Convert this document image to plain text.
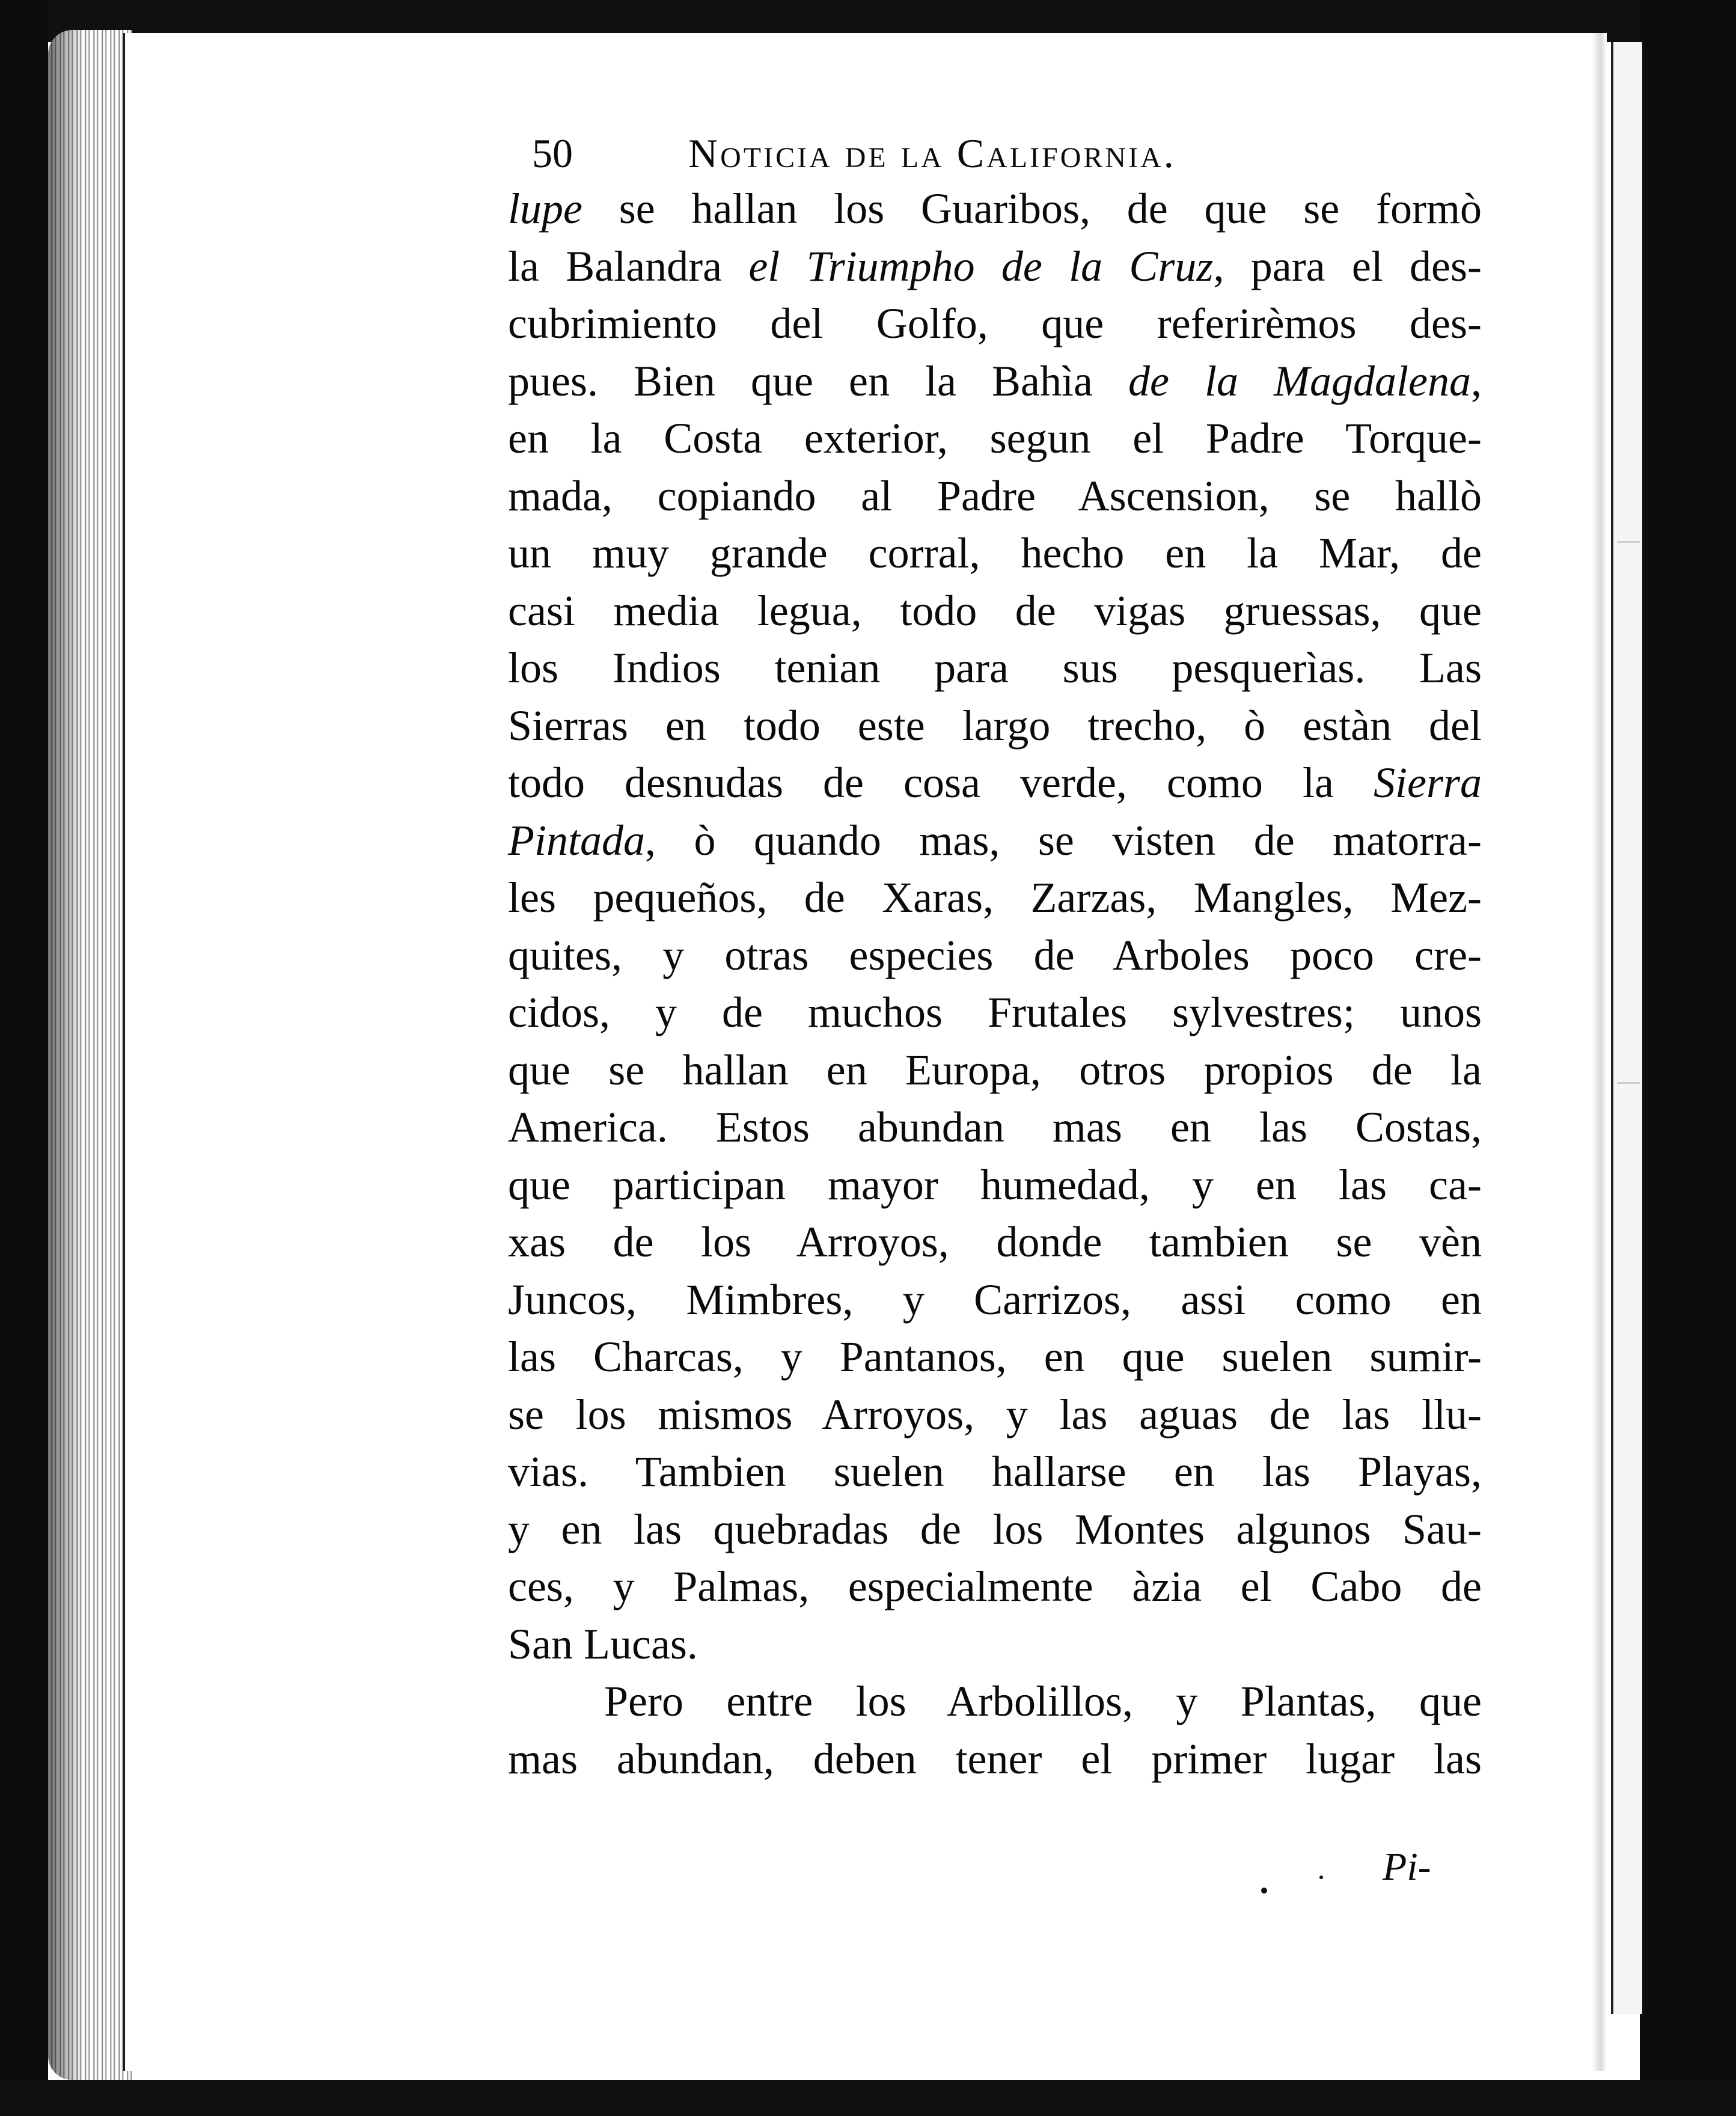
50	Noticia de la California.
lupe se hallan los Guaribos, de que se formò
la Balandra el Triumpho de la Cruz, para el des-
cubrimiento del Golfo, que referirèmos des-
pues. Bien que en la Bahìa de la Magdalena,
en la Costa exterior, segun el Padre Torque-
mada, copiando al Padre Ascension, se hallò
un muy grande corral, hecho en la Mar, de
casi media legua, todo de vigas gruessas, que
los Indios tenian para sus pesquerìas. Las
Sierras en todo este largo trecho, ò estàn del
todo desnudas de cosa verde, como la Sierra
Pintada, ò quando mas, se visten de matorra-
les pequeños, de Xaras, Zarzas, Mangles, Mez-
quites, y otras especies de Arboles poco cre-
cidos, y de muchos Frutales sylvestres; unos
que se hallan en Europa, otros propios de la
America. Estos abundan mas en las Costas,
que participan mayor humedad, y en las ca-
xas de los Arroyos, donde tambien se vèn
Juncos, Mimbres, y Carrizos, assi como en
las Charcas, y Pantanos, en que suelen sumir-
se los mismos Arroyos, y las aguas de las llu-
vias. Tambien suelen hallarse en las Playas,
y en las quebradas de los Montes algunos Sau-
ces, y Palmas, especialmente àzia el Cabo de
San Lucas.
Pero entre los Arbolillos, y Plantas, que
mas abundan, deben tener el primer lugar las
Pi-
